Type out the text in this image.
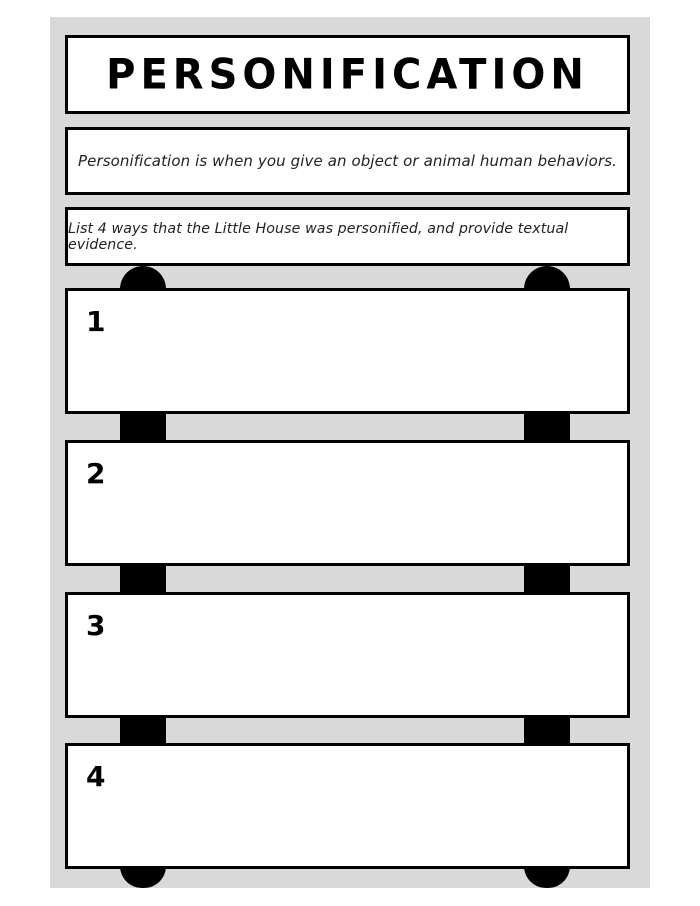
PERSONIFICATION
Personification is when you give an object or animal human behaviors.
List 4 ways that the Little House was personified, and provide textual evidence.
1
2
3
4
